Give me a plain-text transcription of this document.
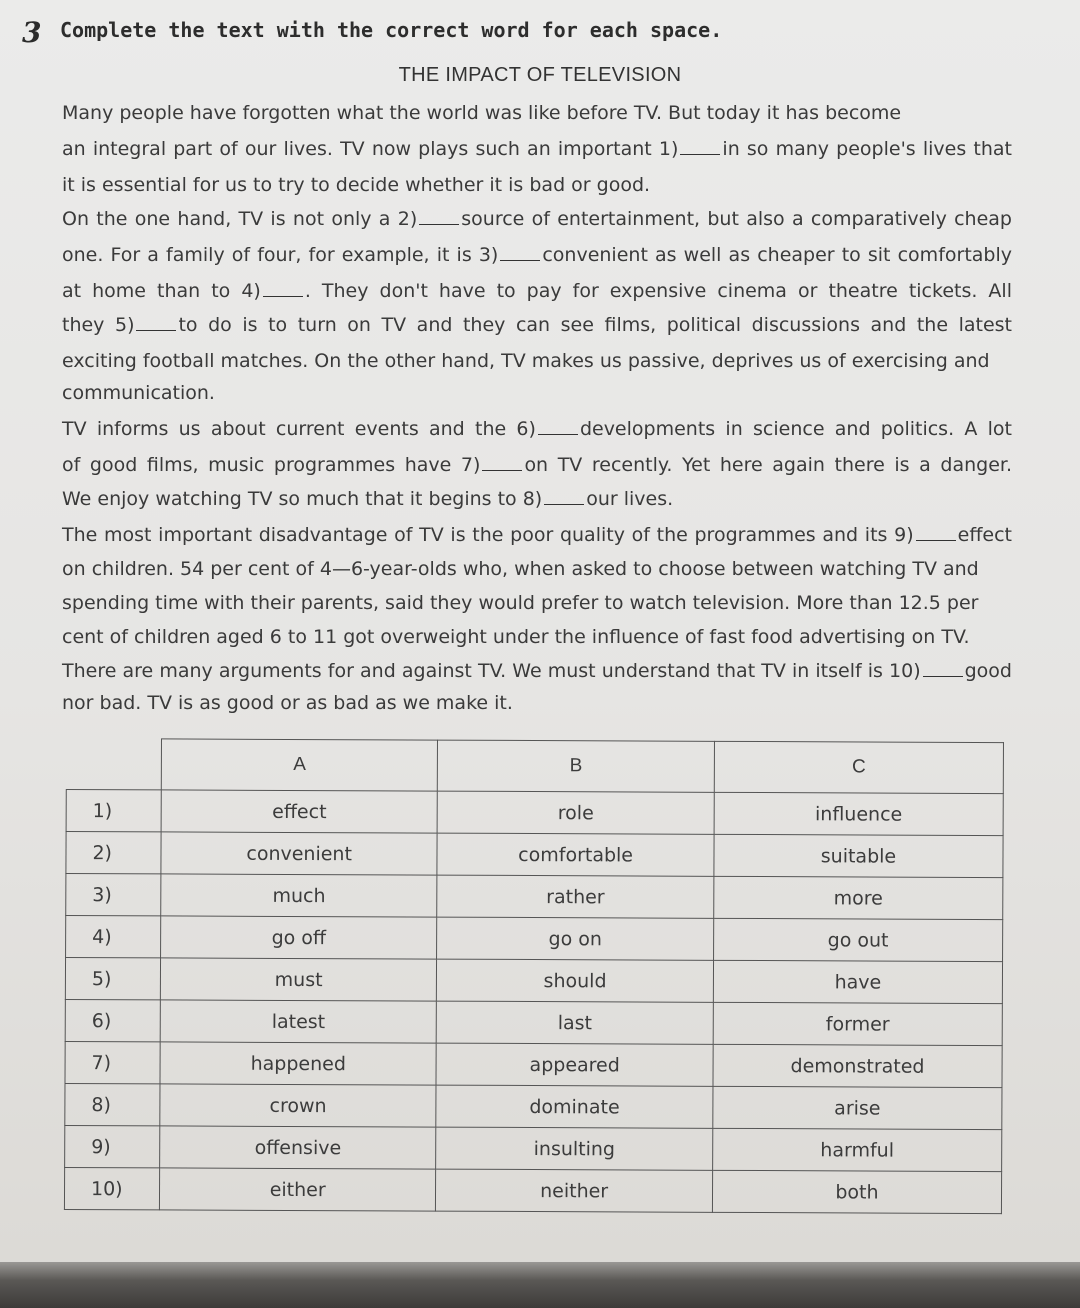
3 Complete the text with the correct word for each space.
THE IMPACT OF TELEVISION
Many people have forgotten what the world was like before TV. But today it has become
an integral part of our lives. TV now plays such an important 1) in so many people's lives that
it is essential for us to try to decide whether it is bad or good.
On the one hand, TV is not only a 2) source of entertainment, but also a comparatively cheap
one. For a family of four, for example, it is 3) convenient as well as cheaper to sit comfortably
at home than to 4) . They don't have to pay for expensive cinema or theatre tickets. All
they 5) to do is to turn on TV and they can see films, political discussions and the latest
exciting football matches. On the other hand, TV makes us passive, deprives us of exercising and
communication.
TV informs us about current events and the 6) developments in science and politics. A lot
of good films, music programmes have 7) on TV recently. Yet here again there is a danger.
We enjoy watching TV so much that it begins to 8) our lives.
The most important disadvantage of TV is the poor quality of the programmes and its 9) effect
on children. 54 per cent of 4—6-year-olds who, when asked to choose between watching TV and
spending time with their parents, said they would prefer to watch television. More than 12.5 per
cent of children aged 6 to 11 got overweight under the influence of fast food advertising on TV.
There are many arguments for and against TV. We must understand that TV in itself is 10) good
nor bad. TV is as good or as bad as we make it.
	A	B	C
1)	effect	role	influence
2)	convenient	comfortable	suitable
3)	much	rather	more
4)	go off	go on	go out
5)	must	should	have
6)	latest	last	former
7)	happened	appeared	demonstrated
8)	crown	dominate	arise
9)	offensive	insulting	harmful
10)	either	neither	both
